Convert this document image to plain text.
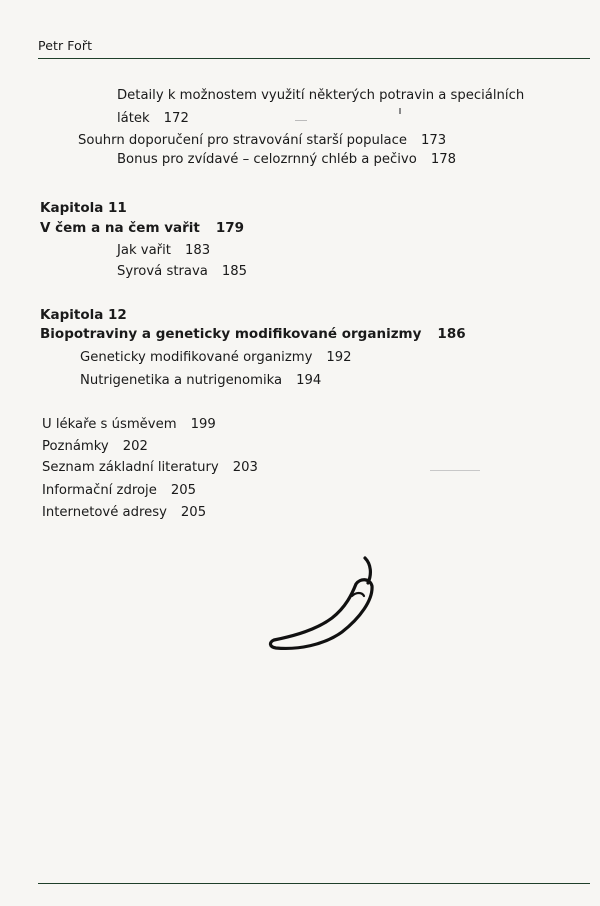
Petr Fořt
Detaily k možnostem využití některých potravin a speciálních
látek 172
Souhrn doporučení pro stravování starší populace 173
Bonus pro zvídavé – celozrnný chléb a pečivo 178
Kapitola 11
V čem a na čem vařit 179
Jak vařit 183
Syrová strava 185
Kapitola 12
Biopotraviny a geneticky modifikované organizmy 186
Geneticky modifikované organizmy 192
Nutrigenetika a nutrigenomika 194
U lékaře s úsměvem 199
Poznámky 202
Seznam základní literatury 203
Informační zdroje 205
Internetové adresy 205
